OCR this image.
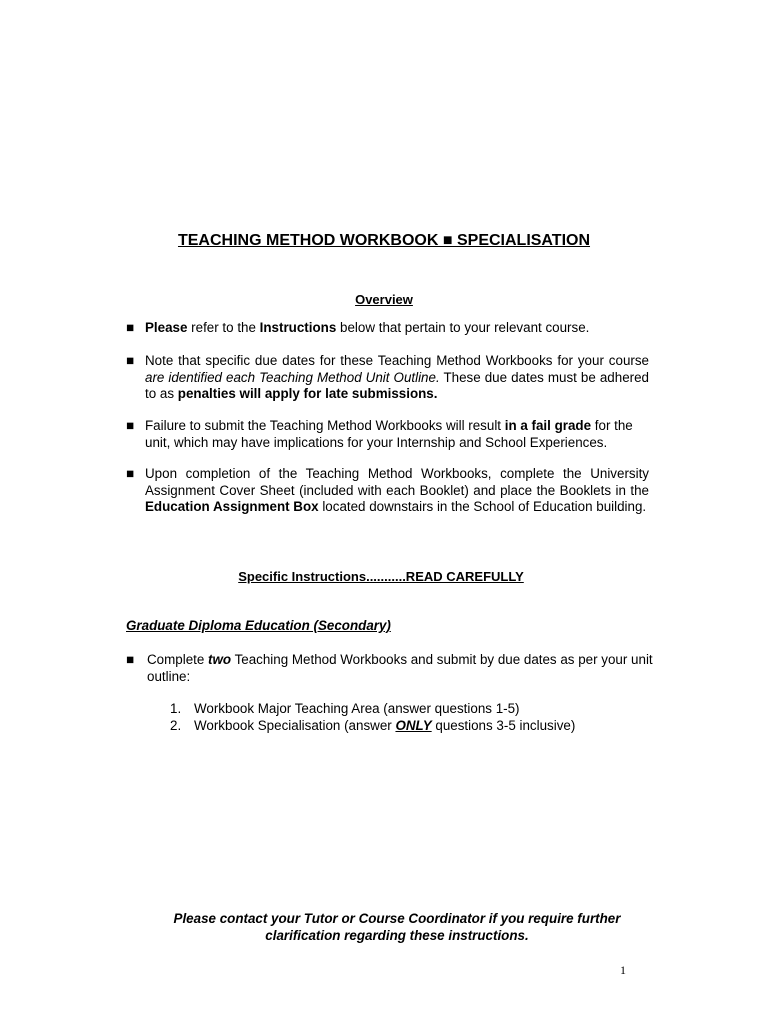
TEACHING METHOD WORKBOOK ■ SPECIALISATION
Overview
■ Please refer to the Instructions below that pertain to your relevant course.
■ Note that specific due dates for these Teaching Method Workbooks for your course are identified each Teaching Method Unit Outline. These due dates must be adhered to as penalties will apply for late submissions.
■ Failure to submit the Teaching Method Workbooks will result in a fail grade for the unit, which may have implications for your Internship and School Experiences.
■ Upon completion of the Teaching Method Workbooks, complete the University Assignment Cover Sheet (included with each Booklet) and place the Booklets in the Education Assignment Box located downstairs in the School of Education building.
Specific Instructions...........READ CAREFULLY
Graduate Diploma Education (Secondary)
■ Complete two Teaching Method Workbooks and submit by due dates as per your unit outline:
1. Workbook Major Teaching Area (answer questions 1-5)
2. Workbook Specialisation (answer ONLY questions 3-5 inclusive)
Please contact your Tutor or Course Coordinator if you require further
clarification regarding these instructions.
1
